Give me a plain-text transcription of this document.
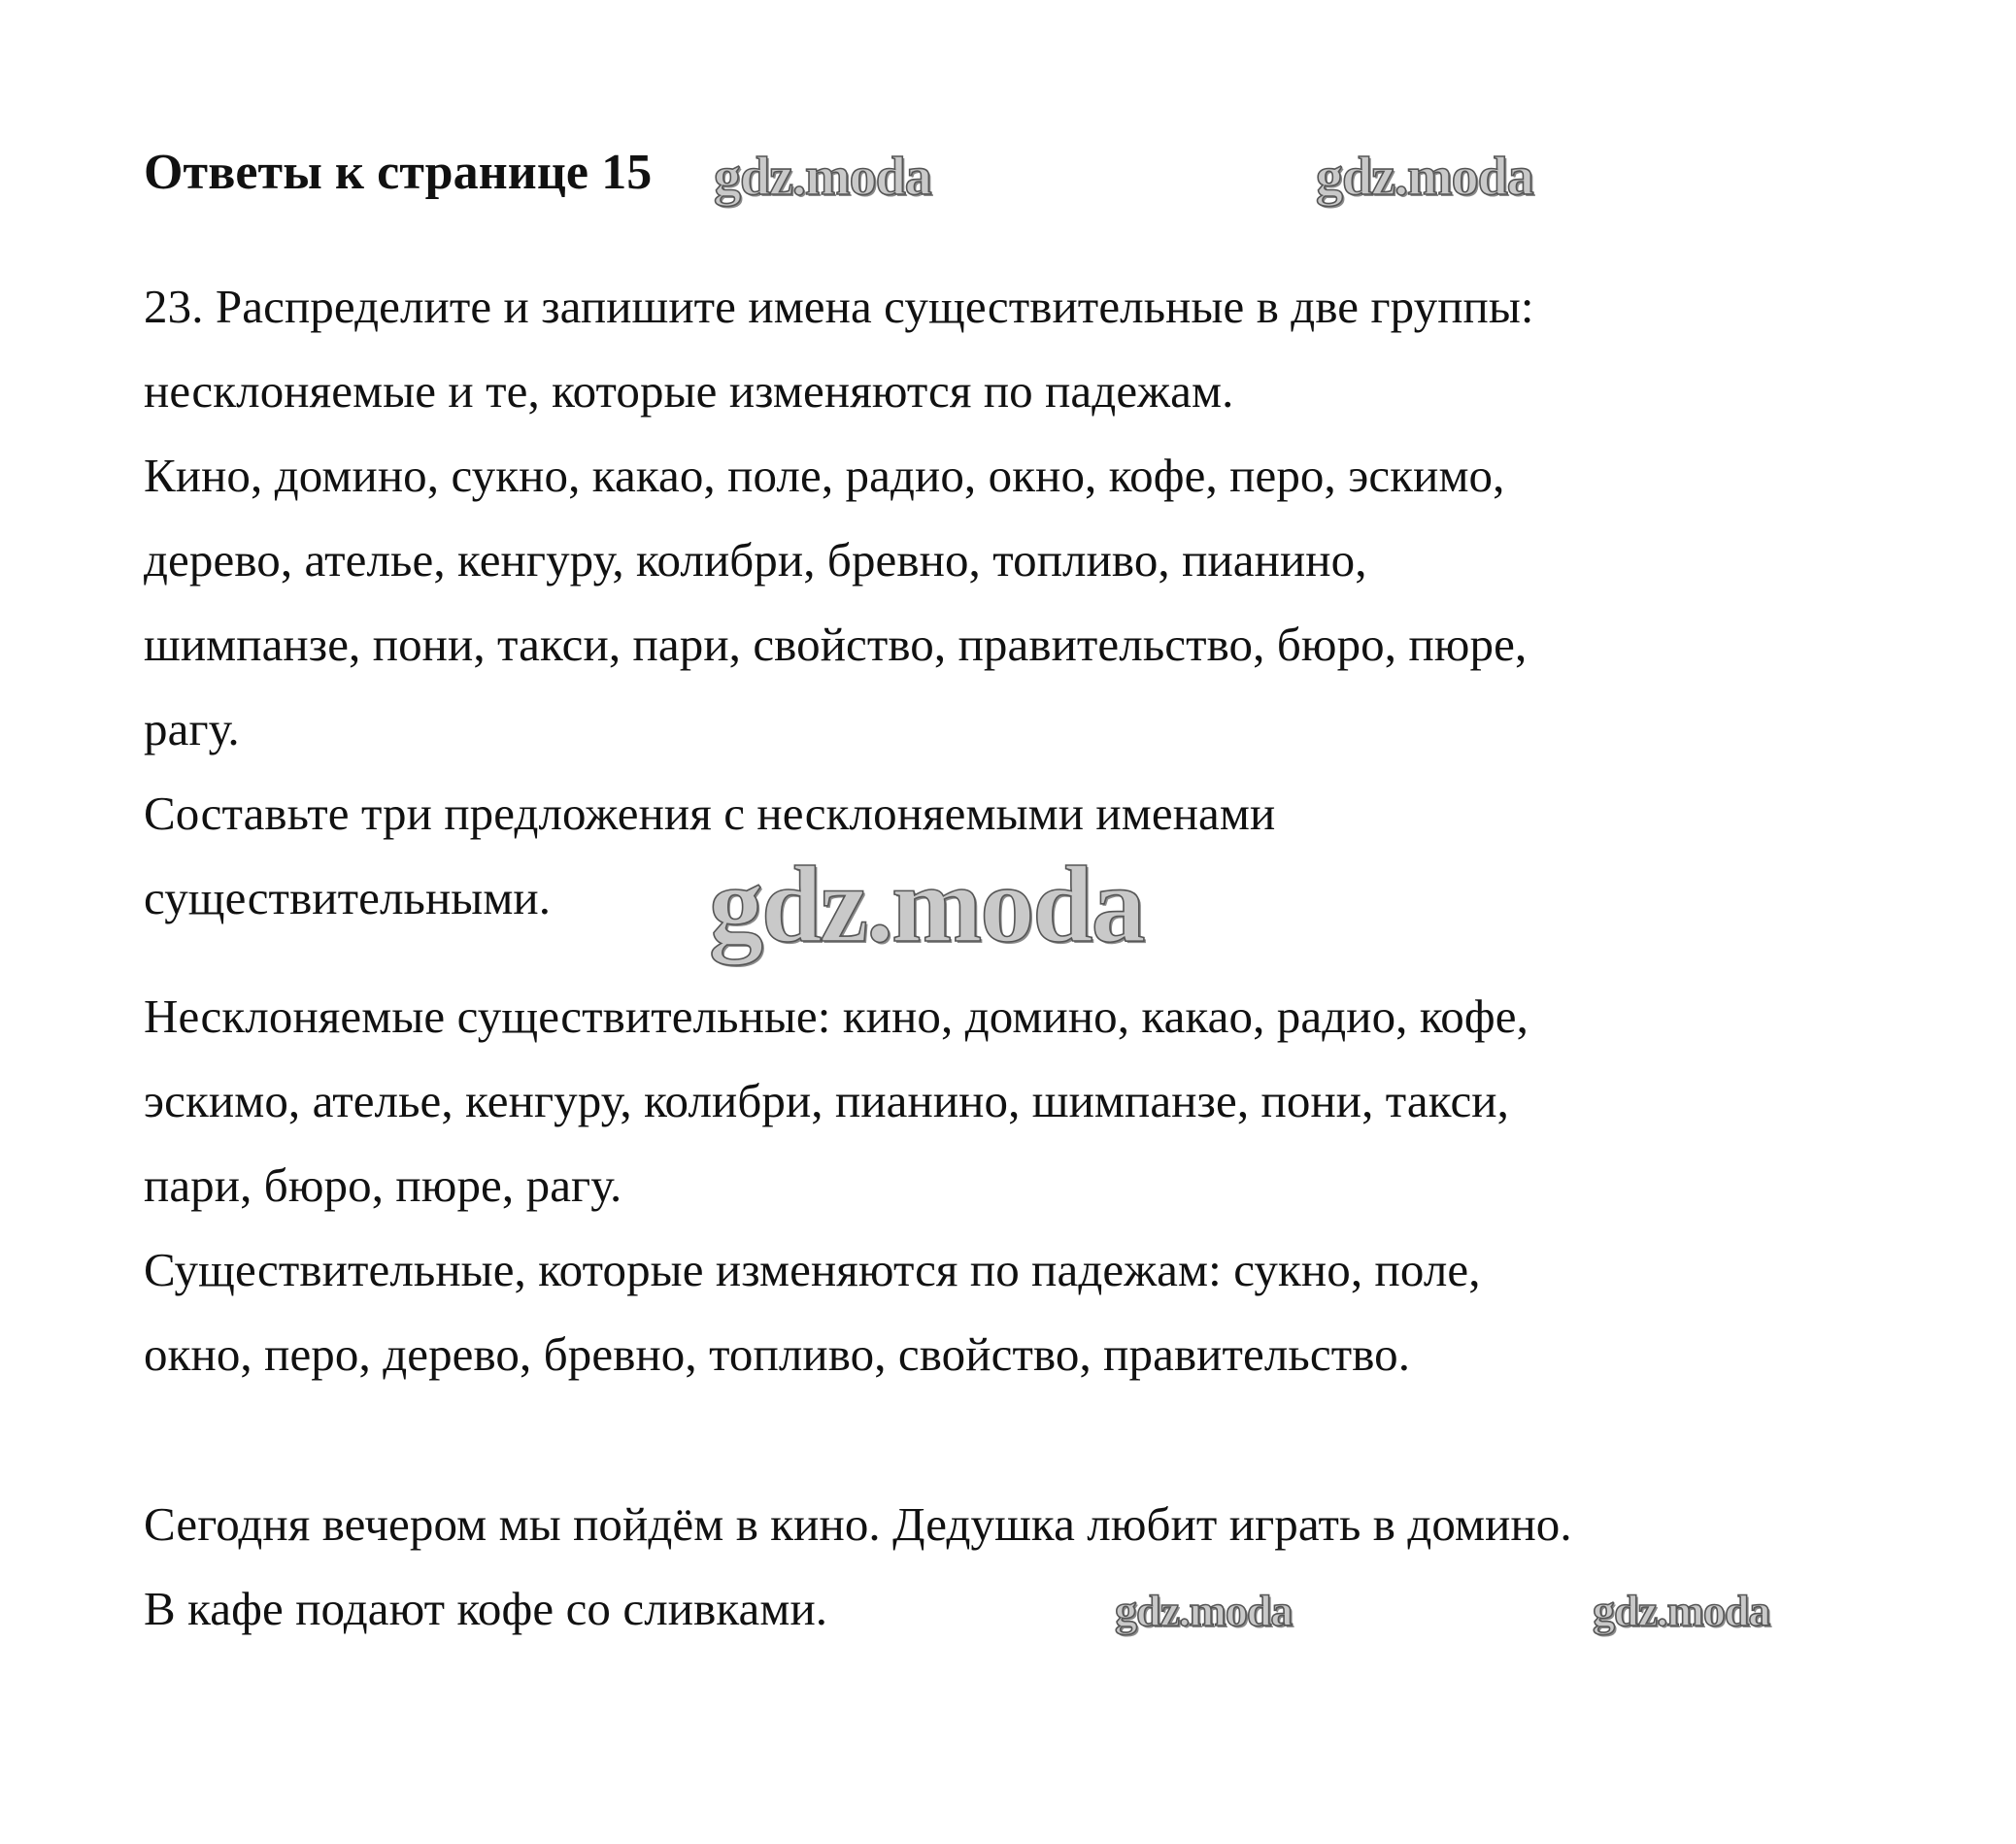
Ответы к странице 15 gdz.moda	gdz.moda
23. Распределите и запишите имена существительные в две группы:
несклоняемые и те, которые изменяются по падежам.
Кино, домино, сукно, какао, поле, радио, окно, кофе, перо, эскимо,
дерево, ателье, кенгуру, колибри, бревно, топливо, пианино,
шимпанзе, пони, такси, пари, свойство, правительство, бюро, пюре,
рагу.
Составьте три предложения с несклоняемыми именами
существительными. gdz.moda
Несклоняемые существительные: кино, домино, какао, радио, кофе,
эскимо, ателье, кенгуру, колибри, пианино, шимпанзе, пони, такси,
пари, бюро, пюре, рагу.
Существительные, которые изменяются по падежам: сукно, поле,
окно, перо, дерево, бревно, топливо, свойство, правительство.
Сегодня вечером мы пойдём в кино. Дедушка любит играть в домино.
В кафе подают кофе со сливками.	gdz.moda	gdz.moda
